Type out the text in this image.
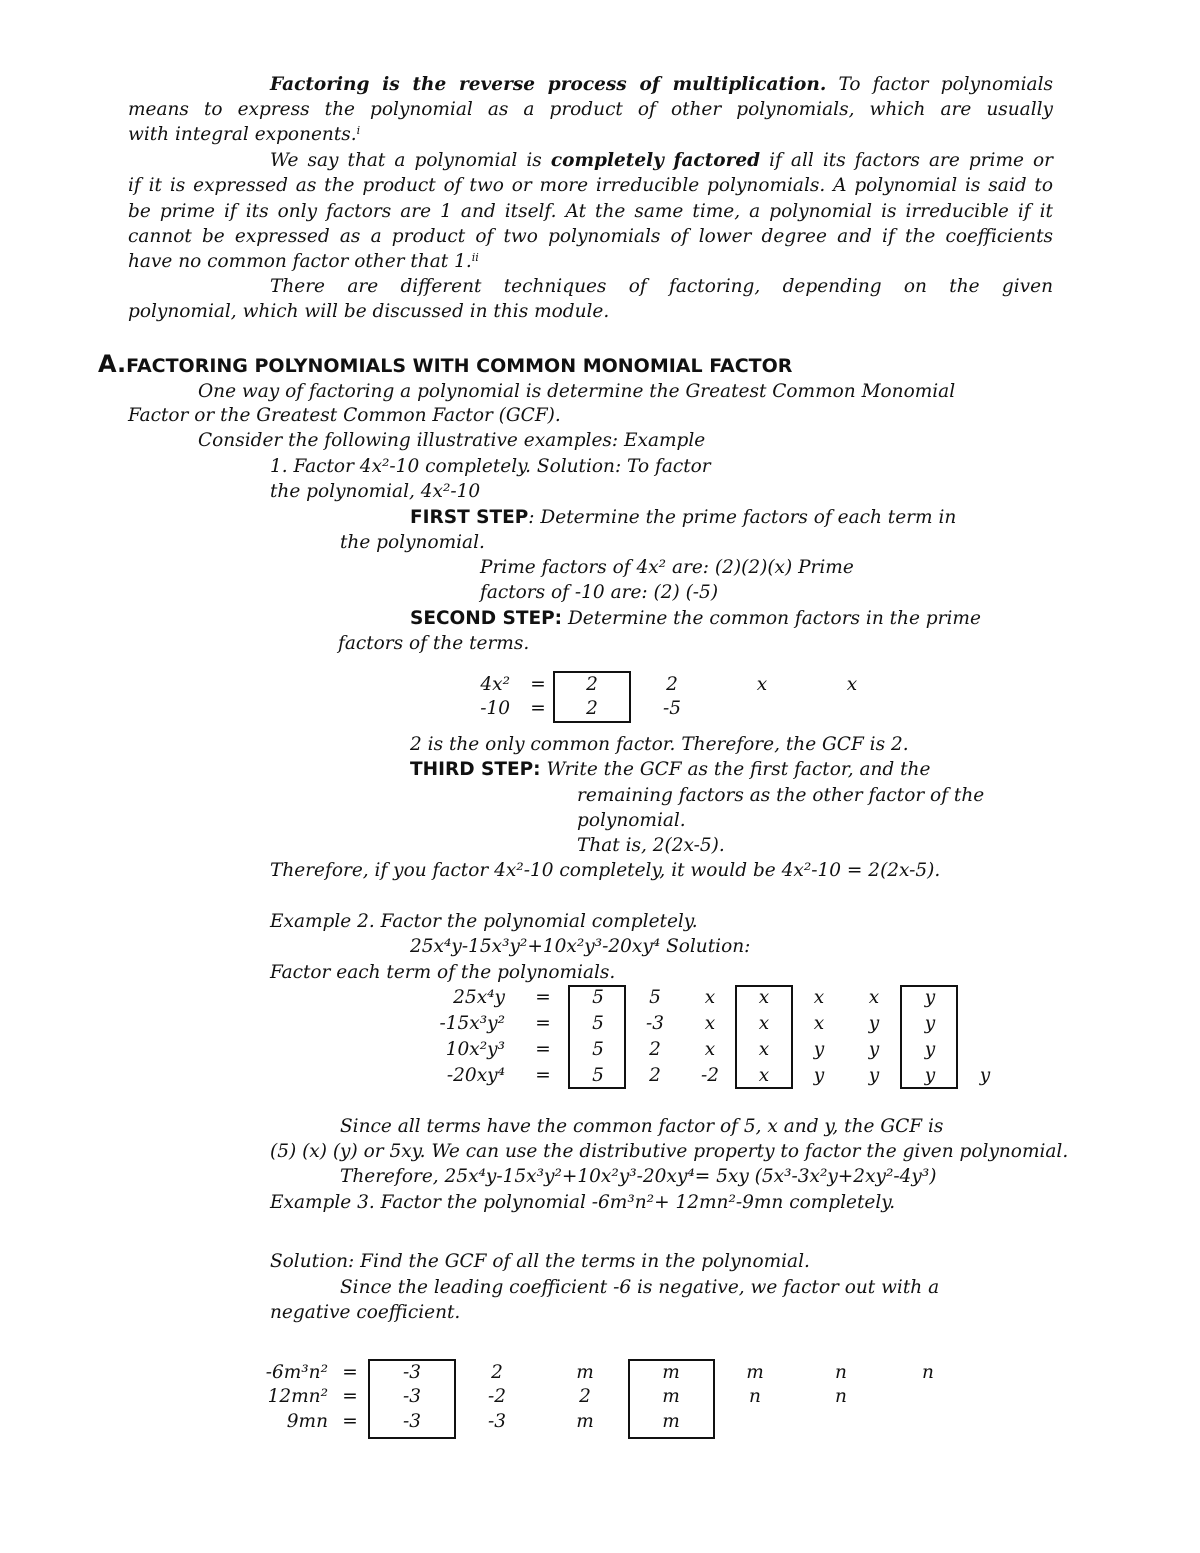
Factoring is the reverse process of multiplication. To factor polynomials
means to express the polynomial as a product of other polynomials, which are usually
with integral exponents.$^i$
We say that a polynomial is completely factored if all its factors are prime or
if it is expressed as the product of two or more irreducible polynomials. A polynomial is said to
be prime if its only factors are 1 and itself. At the same time, a polynomial is irreducible if it
cannot be expressed as a product of two polynomials of lower degree and if the coefficients
have no common factor other that 1.$^{ii}$
There are different techniques of factoring, depending on the given
polynomial, which will be discussed in this module.
A.FACTORING POLYNOMIALS WITH COMMON MONOMIAL FACTOR
One way of factoring a polynomial is determine the Greatest Common Monomial
Factor or the Greatest Common Factor (GCF).
Consider the following illustrative examples: Example
1. Factor 4x²-10 completely. Solution: To factor
the polynomial, 4x²-10
FIRST STEP: Determine the prime factors of each term in
the polynomial.
Prime factors of 4x² are: (2)(2)(x) Prime
factors of -10 are: (2) (-5)
SECOND STEP: Determine the common factors in the prime
factors of the terms.
4x² =	2	2	x	x
-10 =	2	-5
2 is the only common factor. Therefore, the GCF is 2.
THIRD STEP: Write the GCF as the first factor, and the
remaining factors as the other factor of the
polynomial.
That is, 2(2x-5).
Therefore, if you factor 4x²-10 completely, it would be 4x²-10 = 2(2x-5).
Example 2. Factor the polynomial completely.
25x⁴y-15x³y²+10x²y³-20xy⁴ Solution:
Factor each term of the polynomials.
25x⁴y =	5	5	x	x	x	x	y
-15x³y² =	5	-3	x	x	x	y	y
10x²y³ =	5	2	x	x	y	y	y
-20xy⁴ =	5	2	-2	x	y	y	y	y
Since all terms have the common factor of 5, x and y, the GCF is
(5) (x) (y) or 5xy. We can use the distributive property to factor the given polynomial.
Therefore, 25x⁴y-15x³y²+10x²y³-20xy⁴= 5xy (5x³-3x²y+2xy²-4y³)
Example 3. Factor the polynomial -6m³n²+ 12mn²-9mn completely.
Solution: Find the GCF of all the terms in the polynomial.
Since the leading coefficient -6 is negative, we factor out with a
negative coefficient.
-6m³n² =	-3	2	m	m	m	n	n
12mn² =	-3	-2	2	m	n	n
9mn =	-3	-3	m	m
